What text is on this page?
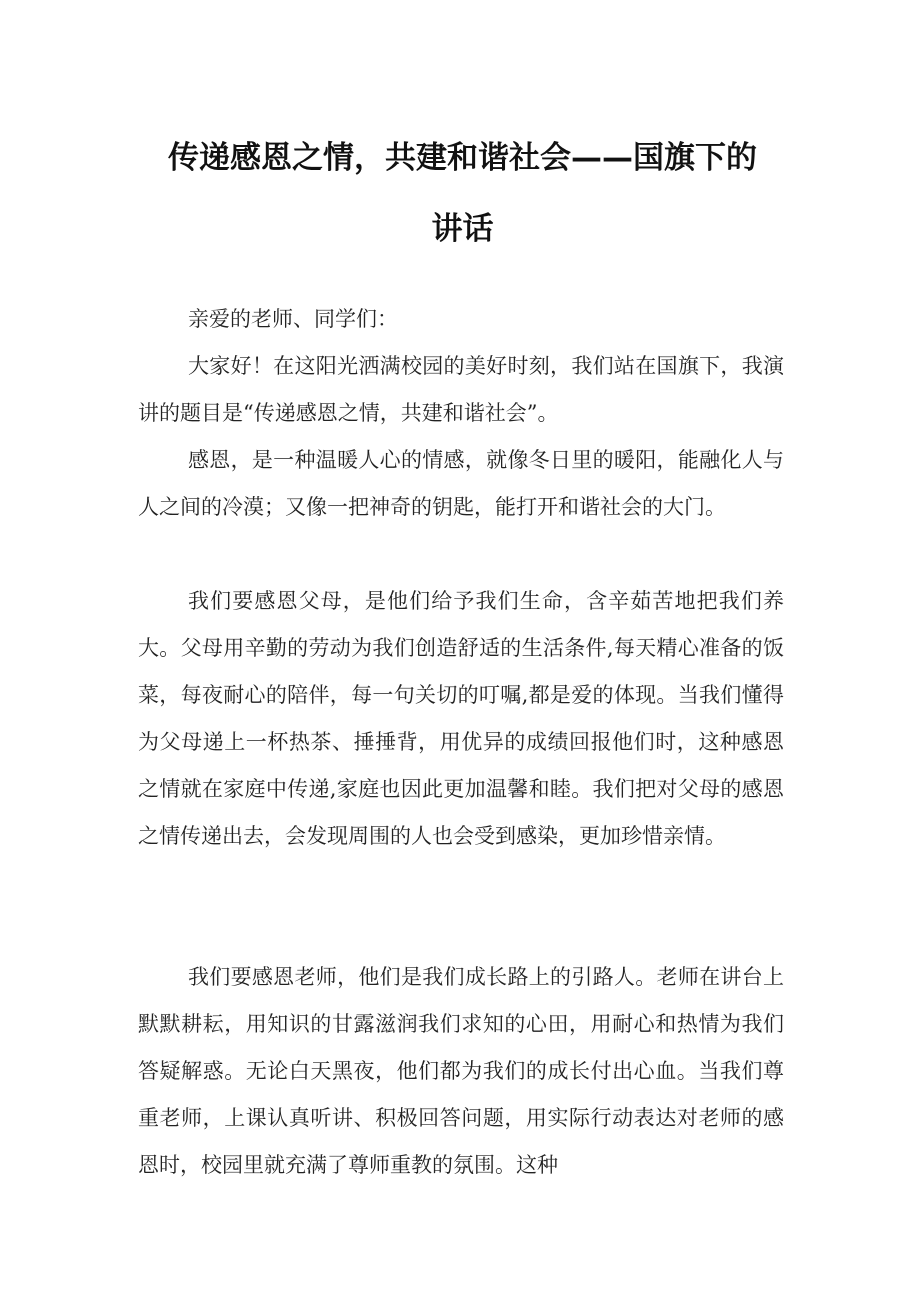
传递感恩之情，共建和谐社会——国旗下的
讲话

亲爱的老师、同学们：

大家好！在这阳光洒满校园的美好时刻，我们站在国旗下，我演讲的题目是“传递感恩之情，共建和谐社会”。

感恩，是一种温暖人心的情感，就像冬日里的暖阳，能融化人与人之间的冷漠；又像一把神奇的钥匙，能打开和谐社会的大门。

我们要感恩父母，是他们给予我们生命，含辛茹苦地把我们养大。父母用辛勤的劳动为我们创造舒适的生活条件,每天精心准备的饭菜，每夜耐心的陪伴，每一句关切的叮嘱,都是爱的体现。当我们懂得为父母递上一杯热茶、捶捶背，用优异的成绩回报他们时，这种感恩之情就在家庭中传递,家庭也因此更加温馨和睦。我们把对父母的感恩之情传递出去，会发现周围的人也会受到感染，更加珍惜亲情。

我们要感恩老师，他们是我们成长路上的引路人。老师在讲台上默默耕耘，用知识的甘露滋润我们求知的心田，用耐心和热情为我们答疑解惑。无论白天黑夜，他们都为我们的成长付出心血。当我们尊重老师，上课认真听讲、积极回答问题，用实际行动表达对老师的感恩时，校园里就充满了尊师重教的氛围。这种
